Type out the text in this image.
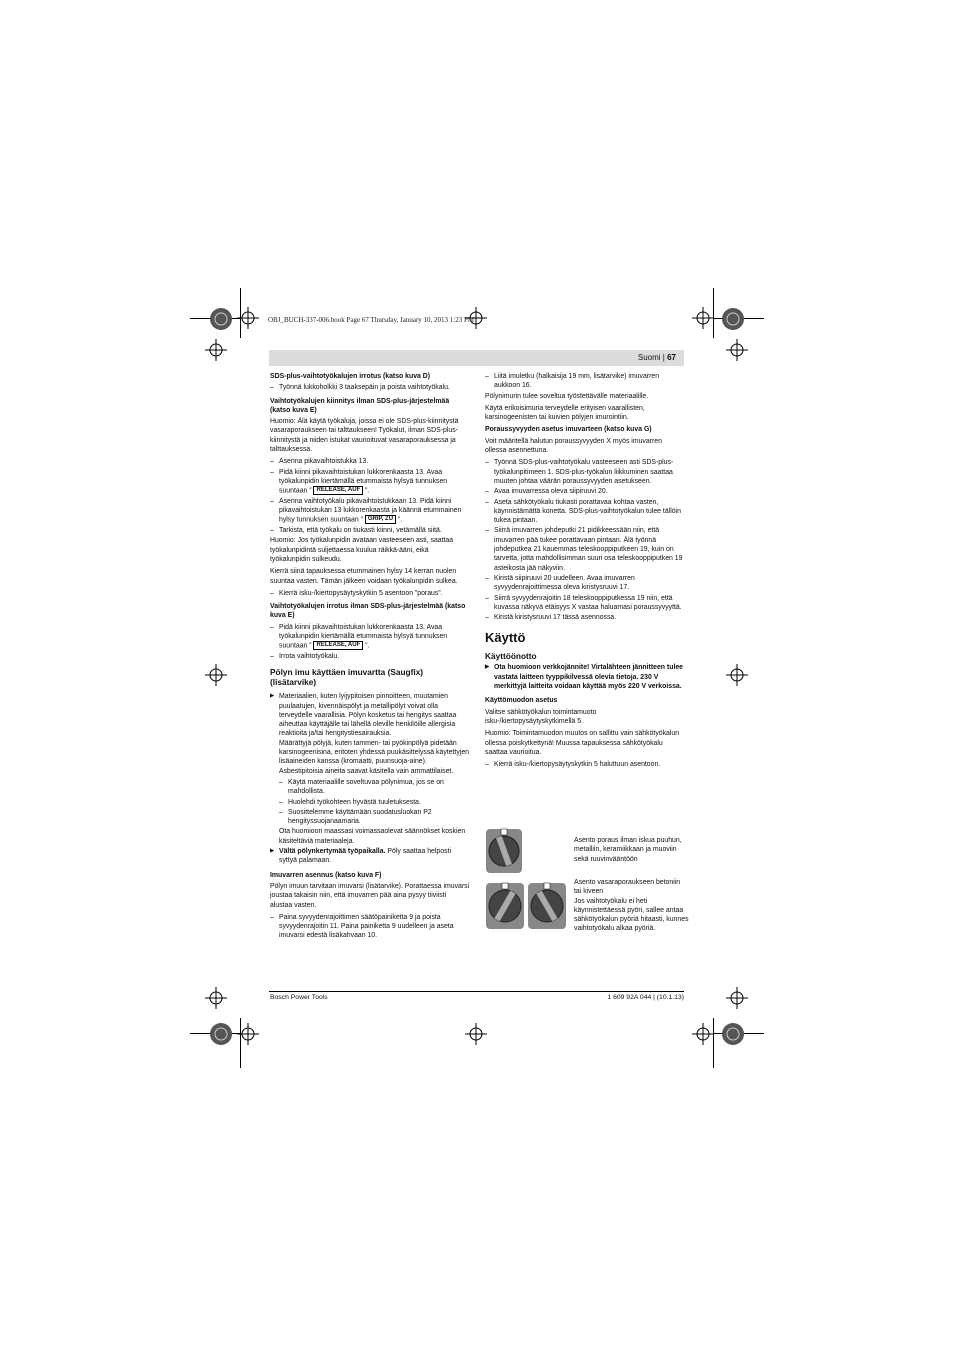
OBJ_BUCH-337-006.book Page 67 Thursday, January 10, 2013 1:23 PM
Suomi | 67
SDS-plus-vaihtotyökalujen irrotus (katso kuva D)
– Työnnä lukkoholkki 3 taaksepäin ja poista vaihtotyökalu.
Vaihtotyökalujen kiinnitys ilman SDS-plus-järjestelmää (katso kuva E)

Huomio: Älä käytä työkaluja, joissa ei ole SDS-plus-kiinnitystä vasaraporaukseen tai talttaukseen! Työkalut, ilman SDS-plus-kiinnitystä ja niiden istukat vaurioituvat vasaraporauksessa ja talttauksessa.

– Asenna pikavaihtoistukka 13.
– Pidä kiinni pikavaihtoistukan lukkorenkaasta 13. Avaa työkalunpidin kiertämällä etummaista hylsyä tunnuksen suuntaan ” RELEASE, AUF ”.
– Asenna vaihtotyökalu pikavaihtoistukkaan 13. Pidä kiinni pikavaihtoistukan 13 lukkorenkaasta ja käännä etummainen hylsy tunnuksen suuntaan ” GRIP, ZU ”.
– Tarkista, että työkalu on tiukasti kiinni, vetämällä siitä.

Huomio: Jos työkalunpidin avataan vasteeseen asti, saattaa työkalunpidintä suljettaessa kuulua räikkä-ääni, eikä työkalunpidin sulkeudu.

Kierrä siinä tapauksessa etummainen hylsy 14 kerran nuolen suuntaa vasten. Tämän jälkeen voidaan työkalunpidin sulkea.

– Kierrä isku-/kiertopysäytyskytkin 5 asentoon ”poraus”.
Vaihtotyökalujen irrotus ilman SDS-plus-järjestelmää (katso kuva E)
– Pidä kiinni pikavaihtoistukan lukkorenkaasta 13. Avaa työkalunpidin kiertämällä etummaista hylsyä tunnuksen suuntaan ” RELEASE, AUF ”.
– Irrota vaihtotyökalu.
Pölyn imu käyttäen imuvartta (Saugfix) (lisätarvike)
▶ Materiaalien, kuten lyijypitoisen pinnoitteen, muutamien puulaatujen, kivennäispölyt ja metallipölyt voivat olla terveydelle vaarallisia. Pölyn kosketus tai hengitys saattaa aiheuttaa käyttäjälle tai lähellä oleville henkilöille allergisia reaktioita ja/tai hengitystiesairauksia.
Määrättyjä pölyjä, kuten tammen- tai pyökinpölyä pidetään karsinogeenisina, eritoten yhdessä puukäsittelyssä käytettyjen lisäaineiden kanssa (kromaatti, puunsuoja-aine). Asbestipitoisia aineita saavat käsitella vain ammattilaiset.
– Käytä materiaalille soveltuvaa pölynimua, jos se on mahdollista.
– Huolehdi työkohteen hyvästä tuuletuksesta.
– Suosittelemme käyttämään suodatusluokan P2 hengityssuojanaamaria.
Ota huomioon maassasi voimassaolevat säännökset koskien käsiteltäviä materiaaleja.
▶ Vältä pölynkertymää työpaikalla. Pöly saattaa helposti syttyä palamaan.
Imuvarren asennus (katso kuva F)

Pölyn imuun tarvitaan imuvarsi (lisätarvike). Porattaessa imuvarsi joustaa takaisin niin, että imuvarren pää aina pysyy tiiviisti alustaa vasten.

– Paina syvyydenrajoittimen säätöpainiketta 9 ja poista syvyydenrajoitin 11. Paina painiketta 9 uudelleen ja aseta imuvarsi edestä lisäkahvaan 10.
– Liitä imuletku (halkaisija 19 mm, lisätarvike) imuvarren aukkoon 16.

Pölynimurin tulee soveltua työstettävälle materiaalille.

Käytä erikoisimuria terveydelle erityisen vaarallisten, karsinogeenisten tai kuivien pölyjen imurointiin.

Poraussyvyyden asetus imuvarteen (katso kuva G)

Voit määritellä halutun poraussyvyyden X myös imuvarren ollessa asennettuna.

– Työnnä SDS-plus-vaihtotyökalu vasteeseen asti SDS-plus-työkalunpitimeen 1. SDS-plus-työkalun liikkuminen saattaa muuten johtaa väärän poraussyvyyden asetukseen.
– Avaa imuvarressa oleva siipiruuvi 20.
– Aseta sähkötyökalu tiukasti porattavaa kohtaa vasten, käynnistämättä konetta. SDS-plus-vaihtotyökalun tulee tällöin tukea pintaan.
– Siirrä imuvarren johdeputki 21 pidikkeessään niin, että imuvarren pää tukee porattavaan pintaan. Älä työnnä johdeputkea 21 kauemmas teleskooppiputkeen 19, kuin on tarvetta, jotta mahdollisimman suuri osa teleskooppiputken 19 asteikosta jää näkyviin.
– Kiristä siipiruuvi 20 uudelleen. Avaa imuvarren syvyydenrajoittimessa oleva kiristysruuvi 17.
– Siirrä syvyydenrajoitin 18 teleskooppiputkessa 19 niin, että kuvassa näkyvä etäisyys X vastaa haluamasi poraussyvyyttä.
– Kiristä kiristysruuvi 17 tässä asennossa.
Käyttö
Käyttöönotto
▶ Ota huomioon verkkojännite! Virtalähteen jännitteen tulee vastata laitteen tyyppikilvessä olevia tietoja. 230 V merkittyjä laitteita voidaan käyttää myös 220 V verkoissa.
Käyttömuodon asetus

Valitse sähkötyökalun toimintamuoto isku-/kiertopysäytyskytkimellä 5.

Huomio: Toimintamuodon muutos on sallittu vain sähkötyökalun ollessa poiskytkettynä! Muussa tapauksessa sähkötyökalu saattaa vaurioitua.

– Kierrä isku-/kiertopysäytyskytkin 5 haluttuun asentoon.
Asento poraus ilman iskua puuhun, metalliin, keramiikkaan ja muoviin sekä ruuvinvääntöön
Asento vasaraporaukseen betoniin tai kiveen
Jos vaihtotyökalu ei heti käynnistettäessä pyöri, sallee antaa sähkötyökalun pyöriä hitaasti, kunnes vaihtotyökalu alkaa pyöriä.
Bosch Power Tools	1 609 92A 044 | (10.1.13)
